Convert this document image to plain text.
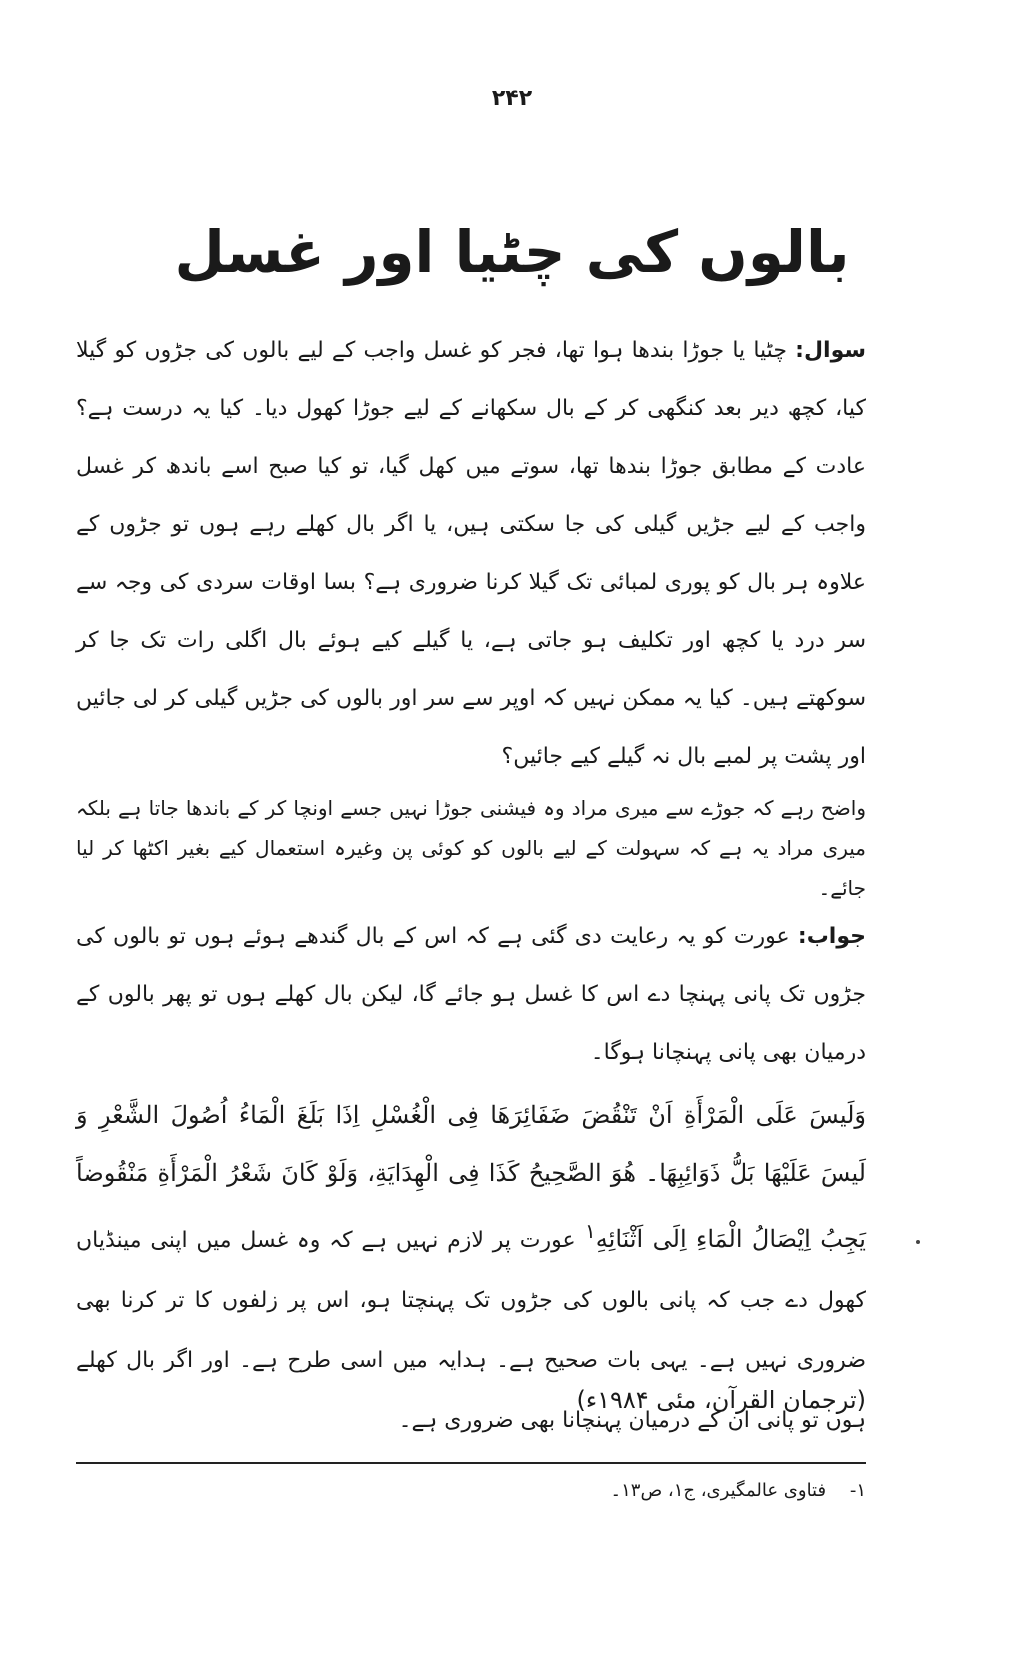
۲۴۲
بالوں کی چٹیا اور غسل

سوال: چٹیا یا جوڑا بندھا ہوا تھا، فجر کو غسل واجب کے لیے بالوں کی جڑوں کو گیلا کیا، کچھ دیر بعد کنگھی کر کے بال سکھانے کے لیے جوڑا کھول دیا۔ کیا یہ درست ہے؟ عادت کے مطابق جوڑا بندھا تھا، سوتے میں کھل گیا، تو کیا صبح اسے باندھ کر غسل واجب کے لیے جڑیں گیلی کی جا سکتی ہیں، یا اگر بال کھلے رہے ہوں تو جڑوں کے علاوہ ہر بال کو پوری لمبائی تک گیلا کرنا ضروری ہے؟ بسا اوقات سردی کی وجہ سے سر درد یا کچھ اور تکلیف ہو جاتی ہے، یا گیلے کیے ہوئے بال اگلی رات تک جا کر سوکھتے ہیں۔ کیا یہ ممکن نہیں کہ اوپر سے سر اور بالوں کی جڑیں گیلی کر لی جائیں اور پشت پر لمبے بال نہ گیلے کیے جائیں؟

واضح رہے کہ جوڑے سے میری مراد وہ فیشنی جوڑا نہیں جسے اونچا کر کے باندھا جاتا ہے بلکہ میری مراد یہ ہے کہ سہولت کے لیے بالوں کو کوئی پن وغیرہ استعمال کیے بغیر اکٹھا کر لیا جائے۔

جواب: عورت کو یہ رعایت دی گئی ہے کہ اس کے بال گندھے ہوئے ہوں تو بالوں کی جڑوں تک پانی پہنچا دے اس کا غسل ہو جائے گا، لیکن بال کھلے ہوں تو پھر بالوں کے درمیان بھی پانی پہنچانا ہوگا۔

وَلَيسَ عَلَى الْمَرْأَةِ اَنْ تَنْقُضَ ضَفَائِرَهَا فِى الْغُسْلِ اِذَا بَلَغَ الْمَاءُ اُصُولَ الشَّعْرِ وَ لَيسَ عَلَيْهَا بَلُّ ذَوَائِبِهَا۔ هُوَ الصَّحِيحُ كَذَا فِى الْهِدَايَةِ، وَلَوْ كَانَ شَعْرُ الْمَرْأَةِ مَنْقُوضاً يَجِبُ اِيْصَالُ الْمَاءِ اِلَى اَثْنَائِهِ$^۱$ عورت پر لازم نہیں ہے کہ وہ غسل میں اپنی مینڈیاں کھول دے جب کہ پانی بالوں کی جڑوں تک پہنچتا ہو، اس پر زلفوں کا تر کرنا بھی ضروری نہیں ہے۔ یہی بات صحیح ہے۔ ہدایہ میں اسی طرح ہے۔ اور اگر بال کھلے ہوں تو پانی ان کے درمیان پہنچانا بھی ضروری ہے۔

(ترجمان القرآن، مئی ۱۹۸۴ء)
۱- فتاوی عالمگیری، ج۱، ص۱۳۔
